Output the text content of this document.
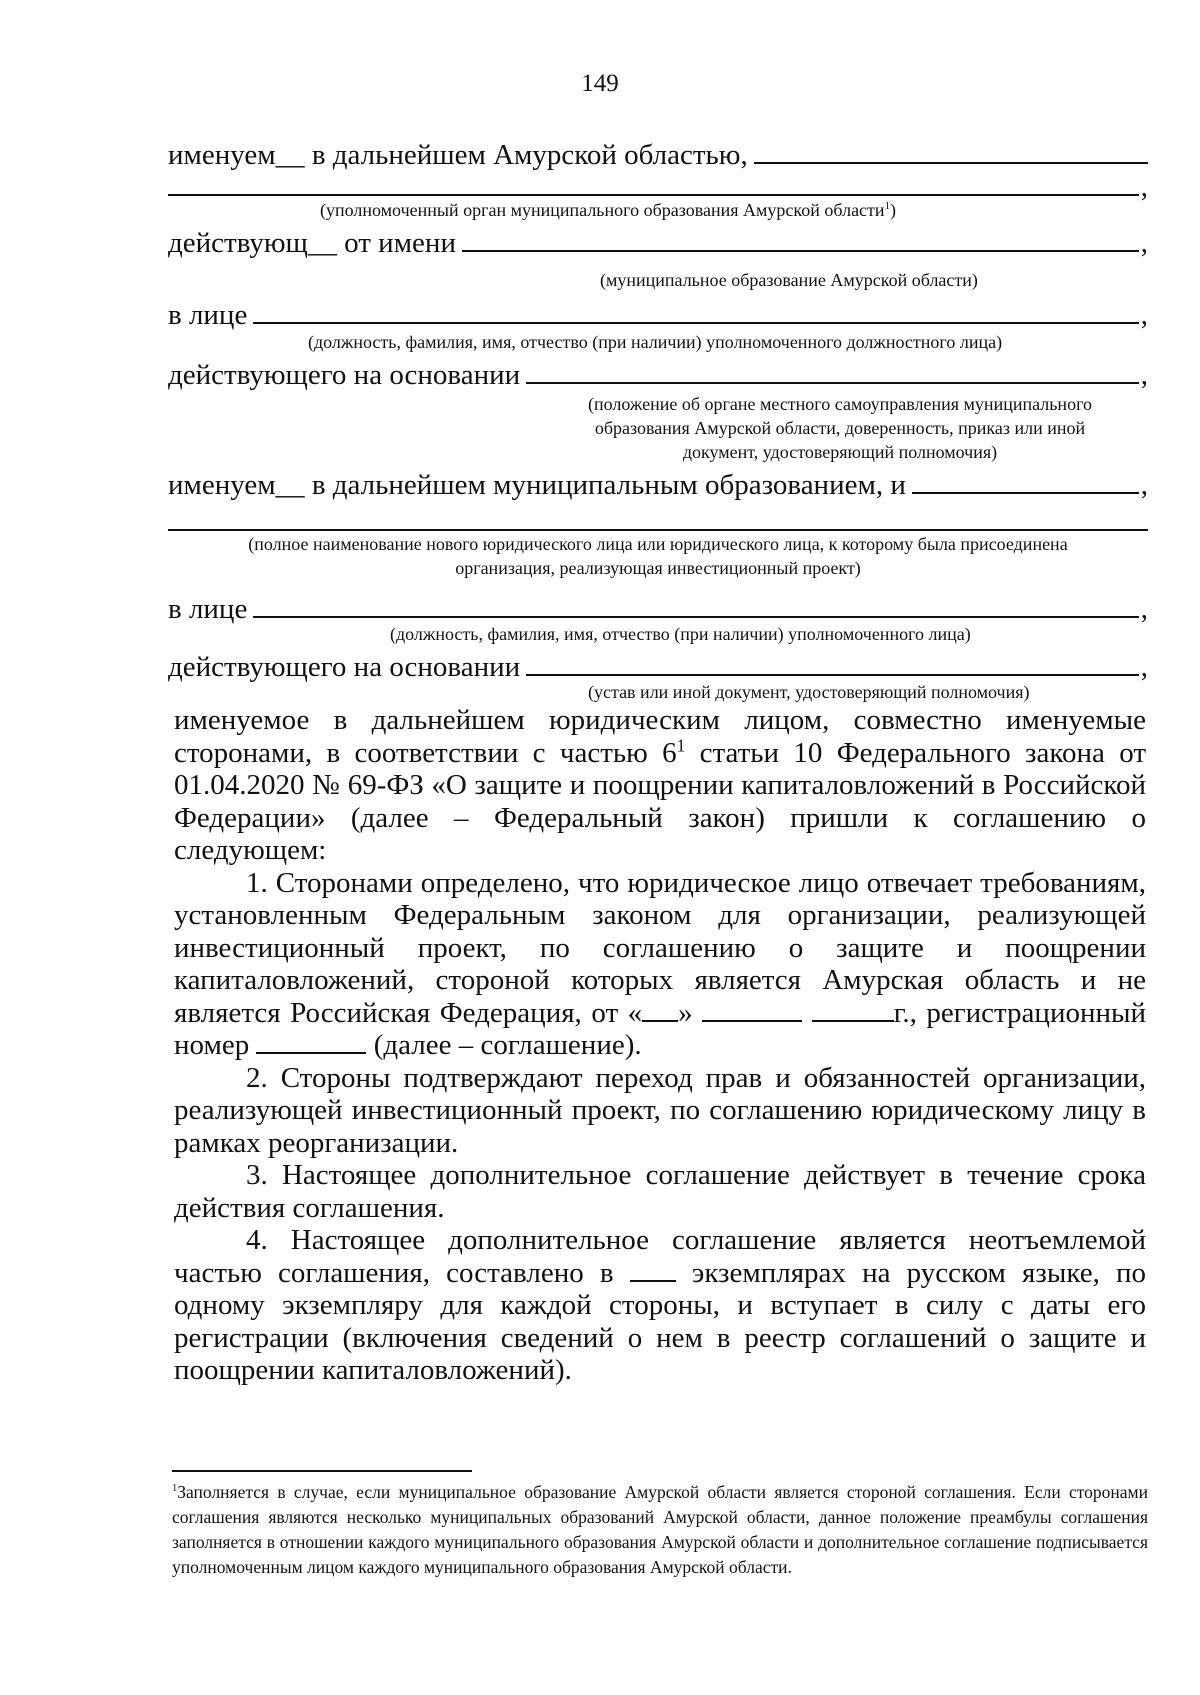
149
именуем__ в дальнейшем Амурской областью,
,
(уполномоченный орган муниципального образования Амурской области$^1$)
действующ__ от имени	,
(муниципальное образование Амурской области)
в лице	,
(должность, фамилия, имя, отчество (при наличии) уполномоченного должностного лица)
действующего на основании	,
(положение об органе местного самоуправления муниципального
образования Амурской области, доверенность, приказ или иной
документ, удостоверяющий полномочия)
именуем__ в дальнейшем муниципальным образованием, и	,
(полное наименование нового юридического лица или юридического лица, к которому была присоединена
организация, реализующая инвестиционный проект)
в лице	,
(должность, фамилия, имя, отчество (при наличии) уполномоченного лица)
действующего на основании	,
(устав или иной документ, удостоверяющий полномочия)

именуемое в дальнейшем юридическим лицом, совместно именуемые сторонами, в соответствии с частью $6^1$ статьи 10 Федерального закона от 01.04.2020 № 69-ФЗ «О защите и поощрении капиталовложений в Российской Федерации» (далее – Федеральный закон) пришли к соглашению о следующем:

1. Сторонами определено, что юридическое лицо отвечает требованиям, установленным Федеральным законом для организации, реализующей инвестиционный проект, по соглашению о защите и поощрении капиталовложений, стороной которых является Амурская область и не является Российская Федерация, от « »	г., регистрационный номер	(далее – соглашение).

2. Стороны подтверждают переход прав и обязанностей организации, реализующей инвестиционный проект, по соглашению юридическому лицу в рамках реорганизации.

3. Настоящее дополнительное соглашение действует в течение срока действия соглашения.

4. Настоящее дополнительное соглашение является неотъемлемой частью соглашения, составлено в	экземплярах на русском языке, по одному экземпляру для каждой стороны, и вступает в силу с даты его регистрации (включения сведений о нем в реестр соглашений о защите и поощрении капиталовложений).

$^1$Заполняется в случае, если муниципальное образование Амурской области является стороной соглашения. Если сторонами соглашения являются несколько муниципальных образований Амурской области, данное положение преамбулы соглашения заполняется в отношении каждого муниципального образования Амурской области и дополнительное соглашение подписывается уполномоченным лицом каждого муниципального образования Амурской области.
